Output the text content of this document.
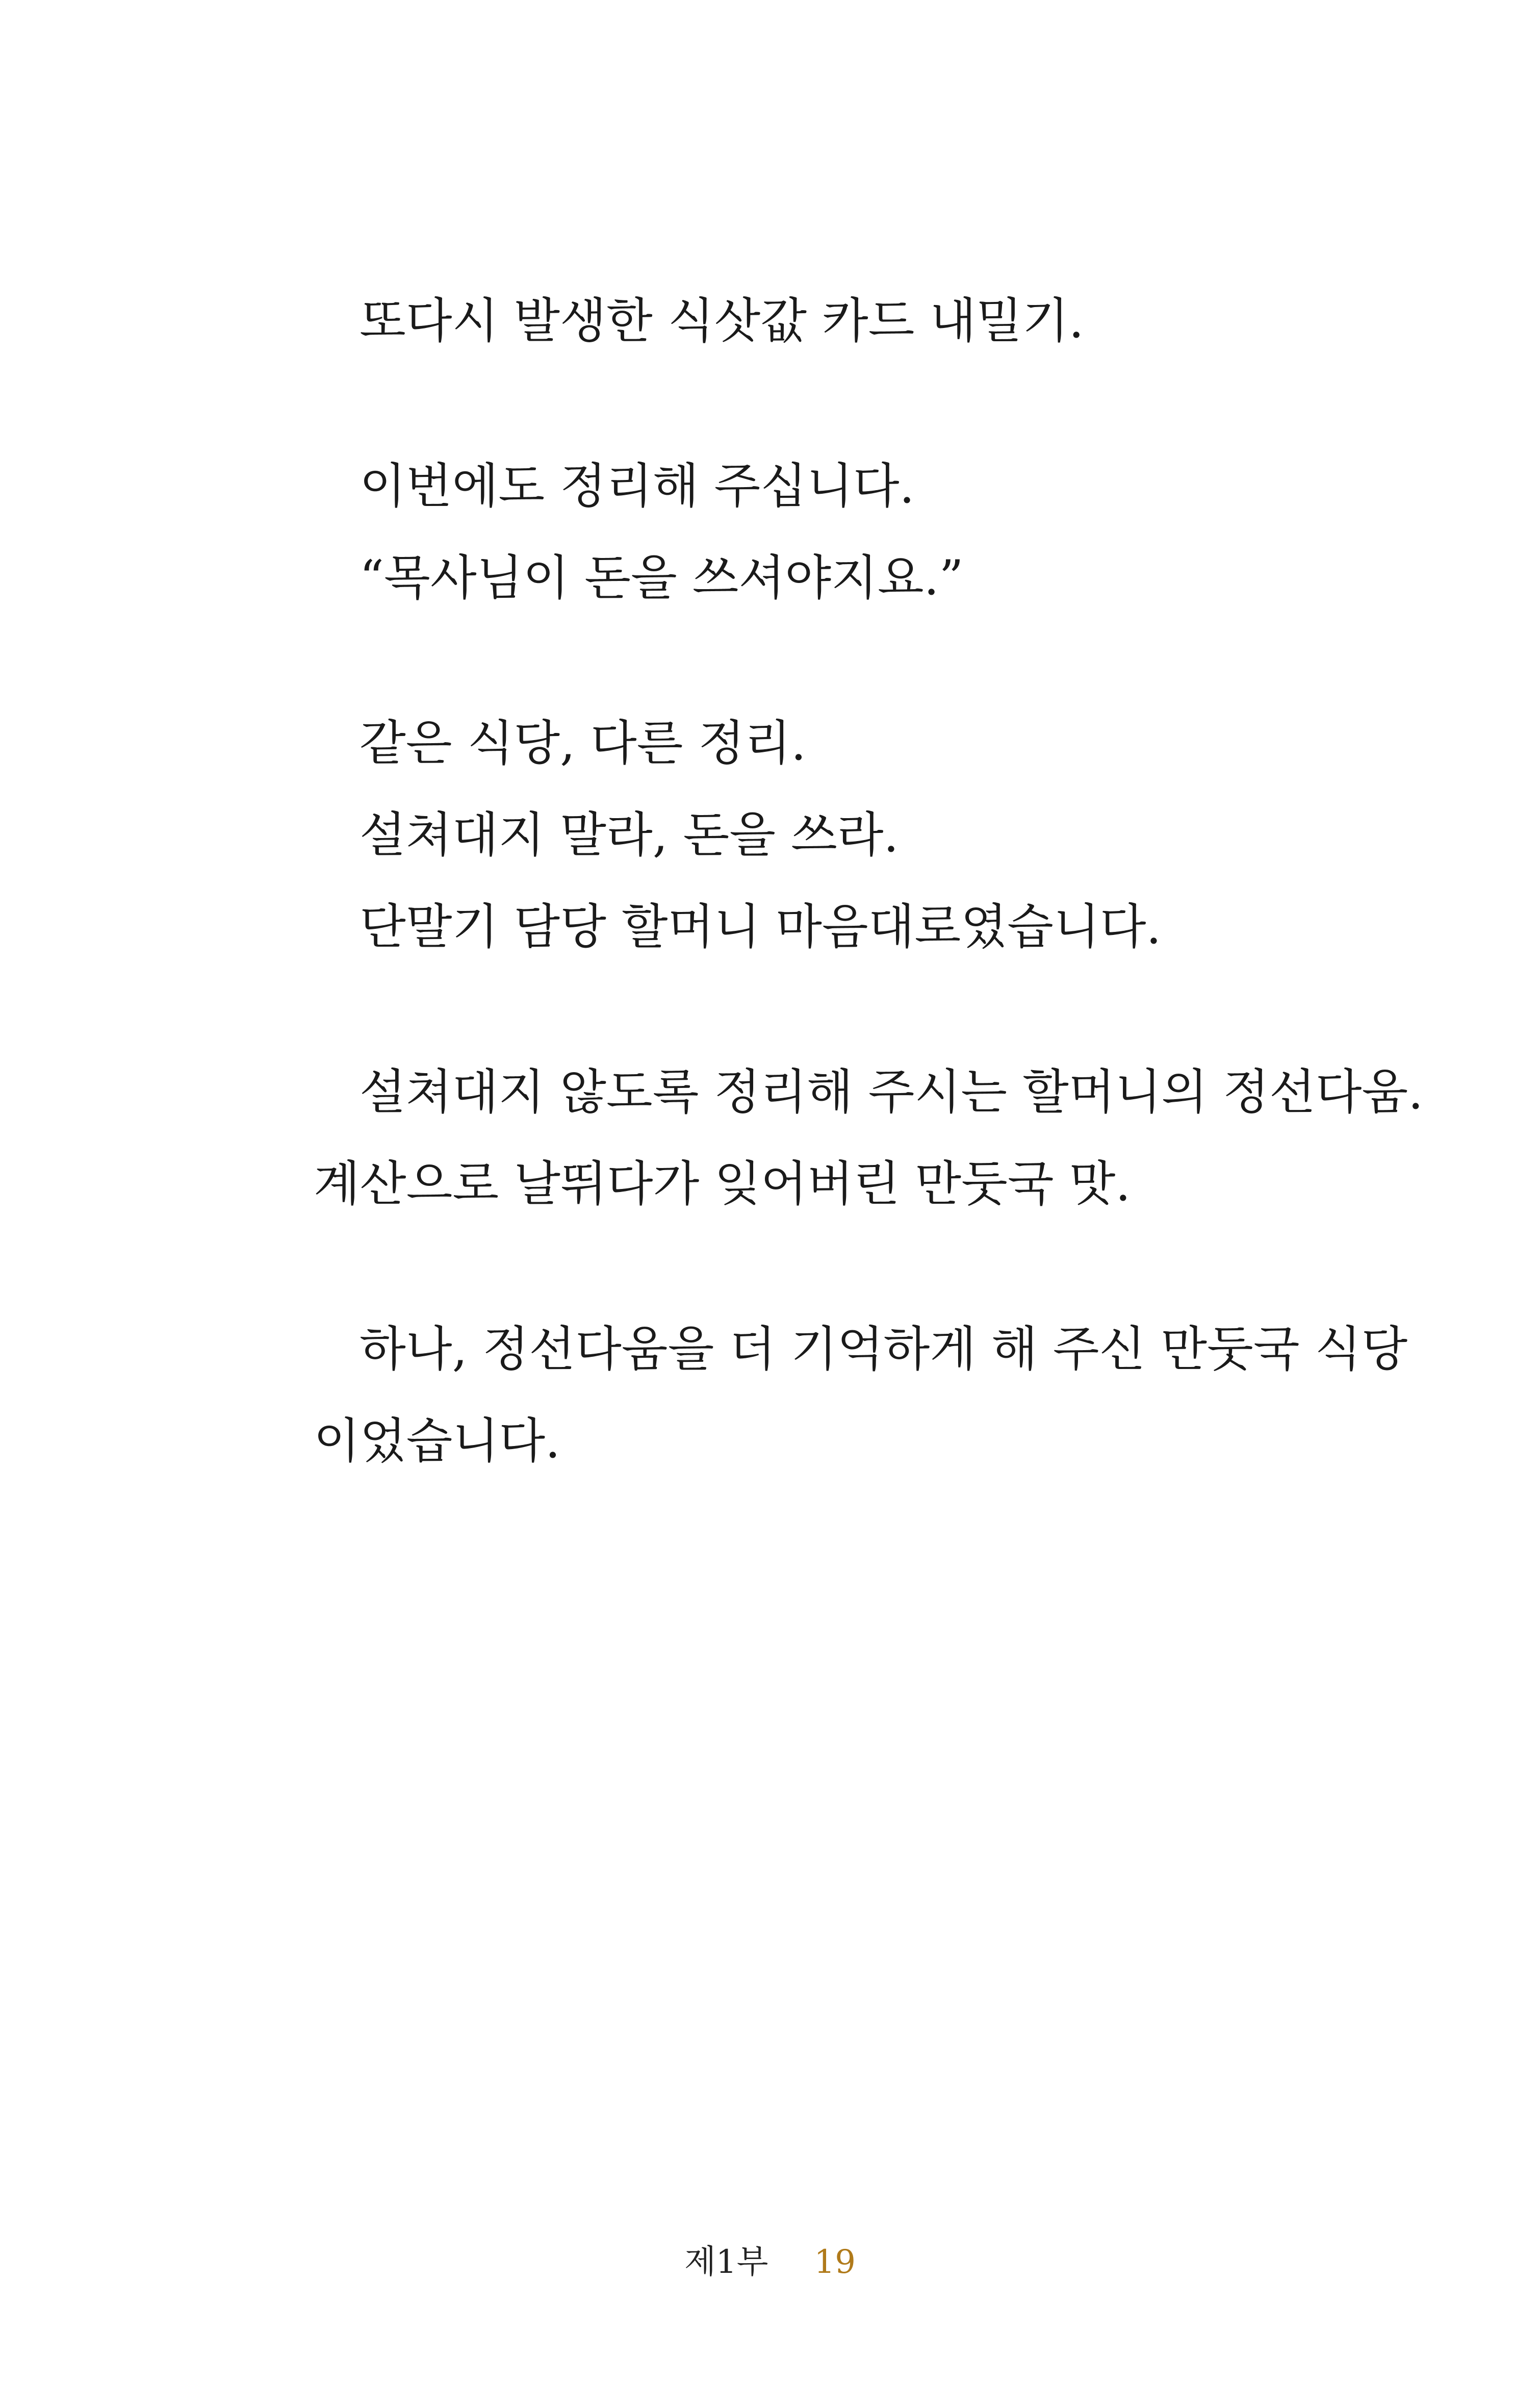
또다시 발생한 식삿값 카드 내밀기.

이번에도 정리해 주십니다.

“목사님이 돈을 쓰셔야지요.”

같은 식당, 다른 정리.

설쳐대지 말라, 돈을 쓰라.

단말기 담당 할머니 마음대로였습니다.

설쳐대지 않도록 정리해 주시는 할머니의 정선다움.

계산으로 날뛰다가 잊어버린 만둣국 맛.

하나, 정선다움을 더 기억하게 해 주신 만둣국 식당

이었습니다.

제1부 19
